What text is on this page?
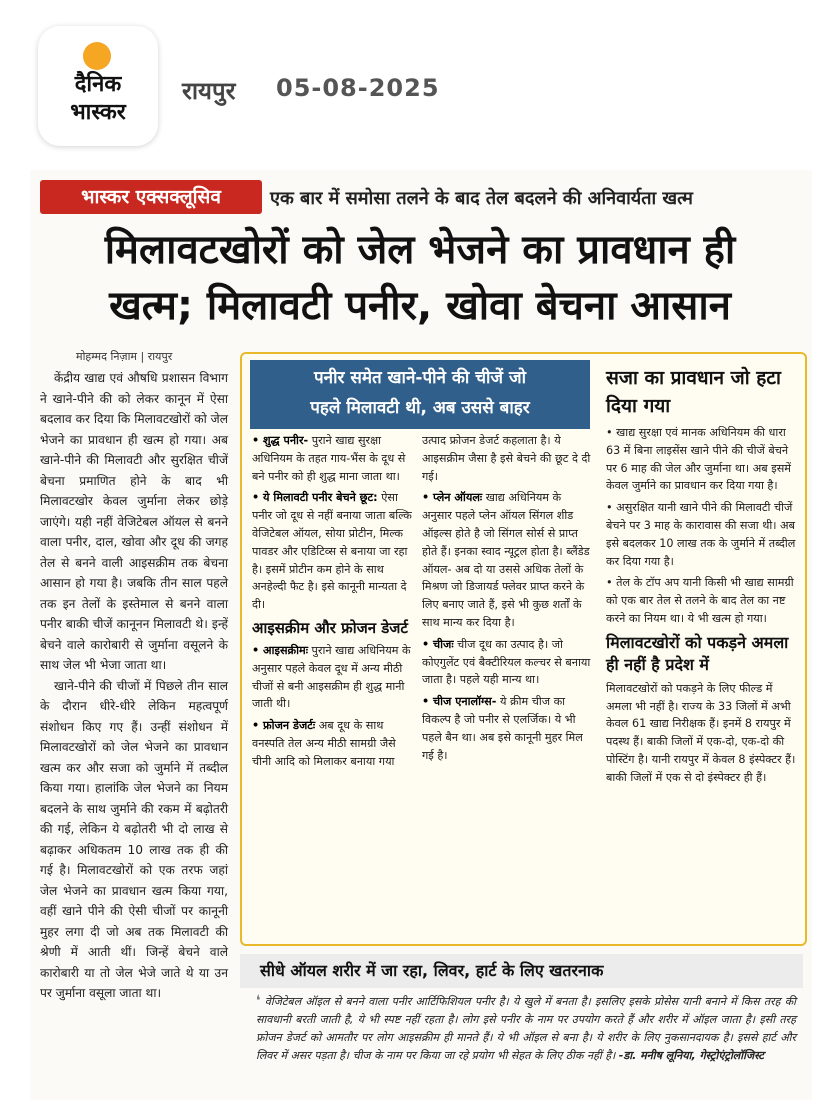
दैनिक
भास्कर
रायपुर 05-08-2025
भास्कर एक्सक्लूसिव	एक बार में समोसा तलने के बाद तेल बदलने की अनिवार्यता खत्म
मिलावटखोरों को जेल भेजने का प्रावधान ही
खत्म; मिलावटी पनीर, खोवा बेचना आसान
मोहम्मद निज़ाम | रायपुर

केंद्रीय खाद्य एवं औषधि प्रशासन विभाग ने खाने-पीने की को लेकर कानून में ऐसा बदलाव कर दिया कि मिलावटखोरों को जेल भेजने का प्रावधान ही खत्म हो गया। अब खाने-पीने की मिलावटी और सुरक्षित चीजें बेचना प्रमाणित होने के बाद भी मिलावटखोर केवल जुर्माना लेकर छोड़े जाएंगे। यही नहीं वेजिटेबल ऑयल से बनने वाला पनीर, दाल, खोवा और दूध की जगह तेल से बनने वाली आइसक्रीम तक बेचना आसान हो गया है। जबकि तीन साल पहले तक इन तेलों के इस्तेमाल से बनने वाला पनीर बाकी चीजें कानूनन मिलावटी थे। इन्हें बेचने वाले कारोबारी से जुर्माना वसूलने के साथ जेल भी भेजा जाता था।

खाने-पीने की चीजों में पिछले तीन साल के दौरान धीरे-धीरे लेकिन महत्वपूर्ण संशोधन किए गए हैं। उन्हीं संशोधन में मिलावटखोरों को जेल भेजने का प्रावधान खत्म कर और सजा को जुर्माने में तब्दील किया गया। हालांकि जेल भेजने का नियम बदलने के साथ जुर्माने की रकम में बढ़ोतरी की गई, लेकिन ये बढ़ोतरी भी दो लाख से बढ़ाकर अधिकतम 10 लाख तक ही की गई है। मिलावटखोरों को एक तरफ जहां जेल भेजने का प्रावधान खत्म किया गया, वहीं खाने पीने की ऐसी चीजों पर कानूनी मुहर लगा दी जो अब तक मिलावटी की श्रेणी में आती थीं। जिन्हें बेचने वाले कारोबारी या तो जेल भेजे जाते थे या उन पर जुर्माना वसूला जाता था।

पनीर समेत खाने-पीने की चीजें जो
पहले मिलावटी थी, अब उससे बाहर

• शुद्ध पनीर- पुराने खाद्य सुरक्षा अधिनियम के तहत गाय-भैंस के दूध से बने पनीर को ही शुद्ध माना जाता था।

• ये मिलावटी पनीर बेचने छूट: ऐसा पनीर जो दूध से नहीं बनाया जाता बल्कि वेजिटेबल ऑयल, सोया प्रोटीन, मिल्क पावडर और एडिटिव्स से बनाया जा रहा है। इसमें प्रोटीन कम होने के साथ अनहेल्दी फैट है। इसे कानूनी मान्यता दे दी।

आइसक्रीम और फ्रोजन डेजर्ट

• आइसक्रीमः पुराने खाद्य अधिनियम के अनुसार पहले केवल दूध में अन्य मीठी चीजों से बनी आइसक्रीम ही शुद्ध मानी जाती थी।

• फ्रोजन डेजर्टः अब दूध के साथ वनस्पति तेल अन्य मीठी सामग्री जैसे चीनी आदि को मिलाकर बनाया गया

उत्पाद फ्रोजन डेजर्ट कहलाता है। ये आइसक्रीम जैसा है इसे बेचने की छूट दे दी गई।

• प्लेन ऑयलः खाद्य अधिनियम के अनुसार पहले प्लेन ऑयल सिंगल शीड ऑइल्स होते है जो सिंगल सोर्स से प्राप्त होते हैं। इनका स्वाद न्यूट्रल होता है। ब्लैंडेड ऑयल- अब दो या उससे अधिक तेलों के मिश्रण जो डिजायर्ड फ्लेवर प्राप्त करने के लिए बनाए जाते हैं, इसे भी कुछ शर्तों के साथ मान्य कर दिया है।

• चीजः चीज दूध का उत्पाद है। जो कोएगुलेंट एवं बैक्टीरियल कल्चर से बनाया जाता है। पहले यही मान्य था।

• चीज एनालॉग्स- ये क्रीम चीज का विकल्प है जो पनीर से एलर्जिक। ये भी पहले बैन था। अब इसे कानूनी मुहर मिल गई है।

सजा का प्रावधान जो हटा दिया गया

• खाद्य सुरक्षा एवं मानक अधिनियम की धारा 63 में बिना लाइसेंस खाने पीने की चीजें बेचने पर 6 माह की जेल और जुर्माना था। अब इसमें केवल जुर्माने का प्रावधान कर दिया गया है।

• असुरक्षित यानी खाने पीने की मिलावटी चीजें बेचने पर 3 माह के कारावास की सजा थी। अब इसे बदलकर 10 लाख तक के जुर्माने में तब्दील कर दिया गया है।

• तेल के टॉप अप यानी किसी भी खाद्य सामग्री को एक बार तेल से तलने के बाद तेल का नष्ट करने का नियम था। ये भी खत्म हो गया।

मिलावटखोरों को पकड़ने अमला ही नहीं है प्रदेश में

मिलावटखोरों को पकड़ने के लिए फील्ड में अमला भी नहीं है। राज्य के 33 जिलों में अभी केवल 61 खाद्य निरीक्षक हैं। इनमें 8 रायपुर में पदस्थ हैं। बाकी जिलों में एक-दो, एक-दो की पोस्टिंग है। यानी रायपुर में केवल 8 इंस्पेक्टर हैं। बाकी जिलों में एक से दो इंस्पेक्टर ही हैं।

सीधे ऑयल शरीर में जा रहा, लिवर, हार्ट के लिए खतरनाक
❛ वेजिटेबल ऑइल से बनने वाला पनीर आर्टिफिशियल पनीर है। ये खुले में बनता है। इसलिए इसके प्रोसेस यानी बनाने में किस तरह की सावधानी बरती जाती है, ये भी स्पष्ट नहीं रहता है। लोग इसे पनीर के नाम पर उपयोग करते हैं और शरीर में ऑइल जाता है। इसी तरह फ्रोजन डेजर्ट को आमतौर पर लोग आइसक्रीम ही मानते हैं। ये भी ऑइल से बना है। ये शरीर के लिए नुकसानदायक है। इससे हार्ट और लिवर में असर पड़ता है। चीज के नाम पर किया जा रहे प्रयोग भी सेहत के लिए ठीक नहीं है। -डा. मनीष लूनिया, गेस्ट्रोएंट्रोलॉजिस्ट
